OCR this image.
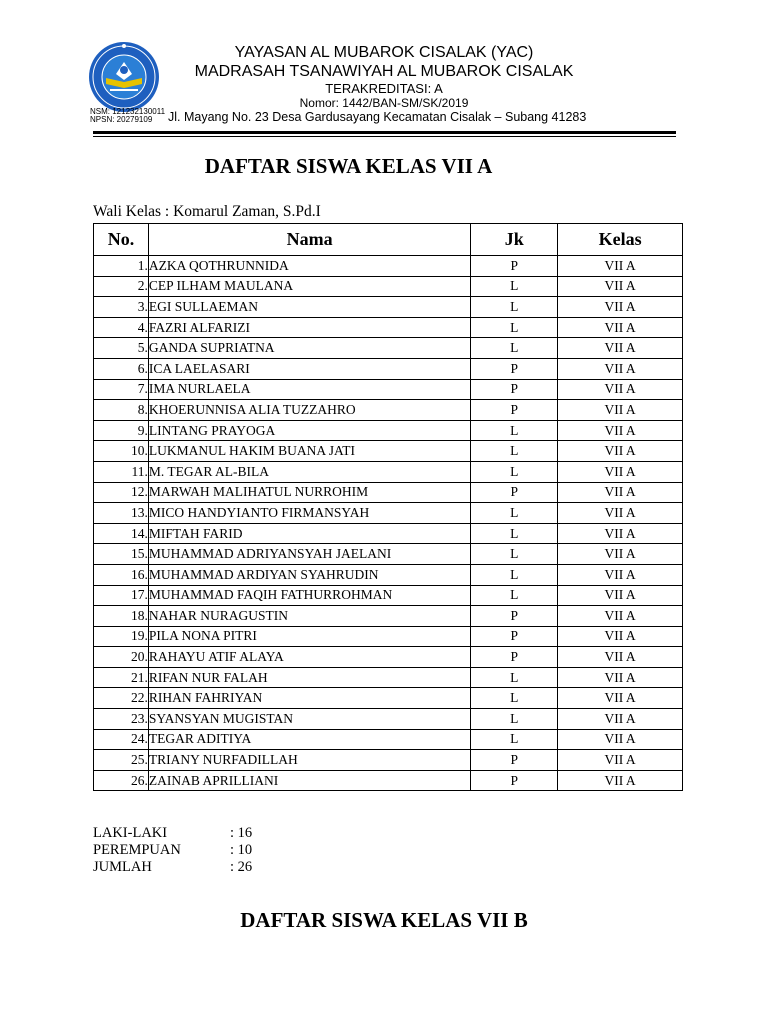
NSM: 121232130011
NPSN: 20279109
YAYASAN AL MUBAROK CISALAK (YAC)
MADRASAH TSANAWIYAH AL MUBAROK CISALAK
TERAKREDITASI: A
Nomor: 1442/BAN-SM/SK/2019
Jl. Mayang No. 23 Desa Gardusayang Kecamatan Cisalak – Subang 41283
DAFTAR SISWA KELAS VII A
Wali Kelas : Komarul Zaman, S.Pd.I
No.	Nama	Jk	Kelas
1.	AZKA QOTHRUNNIDA	P	VII A
2.	CEP ILHAM MAULANA	L	VII A
3.	EGI SULLAEMAN	L	VII A
4.	FAZRI ALFARIZI	L	VII A
5.	GANDA SUPRIATNA	L	VII A
6.	ICA LAELASARI	P	VII A
7.	IMA NURLAELA	P	VII A
8.	KHOERUNNISA ALIA TUZZAHRO	P	VII A
9.	LINTANG PRAYOGA	L	VII A
10.	LUKMANUL HAKIM BUANA JATI	L	VII A
11.	M. TEGAR AL-BILA	L	VII A
12.	MARWAH MALIHATUL NURROHIM	P	VII A
13.	MICO HANDYIANTO FIRMANSYAH	L	VII A
14.	MIFTAH FARID	L	VII A
15.	MUHAMMAD ADRIYANSYAH JAELANI	L	VII A
16.	MUHAMMAD ARDIYAN SYAHRUDIN	L	VII A
17.	MUHAMMAD FAQIH FATHURROHMAN	L	VII A
18.	NAHAR NURAGUSTIN	P	VII A
19.	PILA NONA PITRI	P	VII A
20.	RAHAYU ATIF ALAYA	P	VII A
21.	RIFAN NUR FALAH	L	VII A
22.	RIHAN FAHRIYAN	L	VII A
23.	SYANSYAN MUGISTAN	L	VII A
24.	TEGAR ADITIYA	L	VII A
25.	TRIANY NURFADILLAH	P	VII A
26.	ZAINAB APRILLIANI	P	VII A
LAKI-LAKI	: 16
PEREMPUAN	: 10
JUMLAH	: 26
DAFTAR SISWA KELAS VII B
